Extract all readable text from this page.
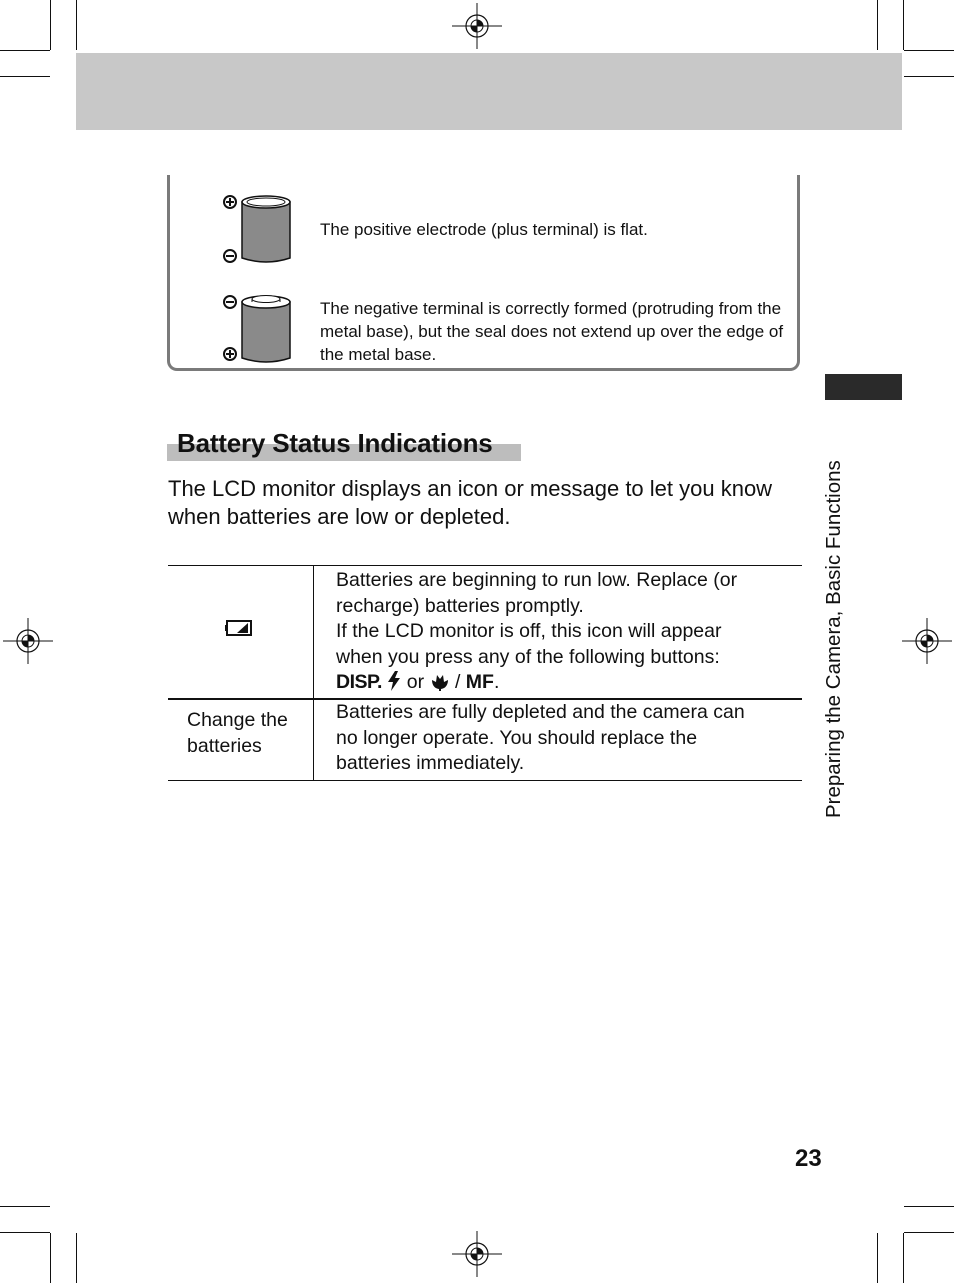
The positive electrode (plus terminal) is flat.
The negative terminal is correctly formed (protruding from the metal base), but the seal does not extend up over the edge of the metal base.
Battery Status Indications
The LCD monitor displays an icon or message to let you know when batteries are low or depleted.
Batteries are beginning to run low. Replace (or
recharge) batteries promptly.
If the LCD monitor is off, this icon will appear
when you press any of the following buttons:
DISP. or / MF.
Change the
batteries
Batteries are fully depleted and the camera can
no longer operate. You should replace the
batteries immediately.	Preparing the Camera, Basic Functions
23
